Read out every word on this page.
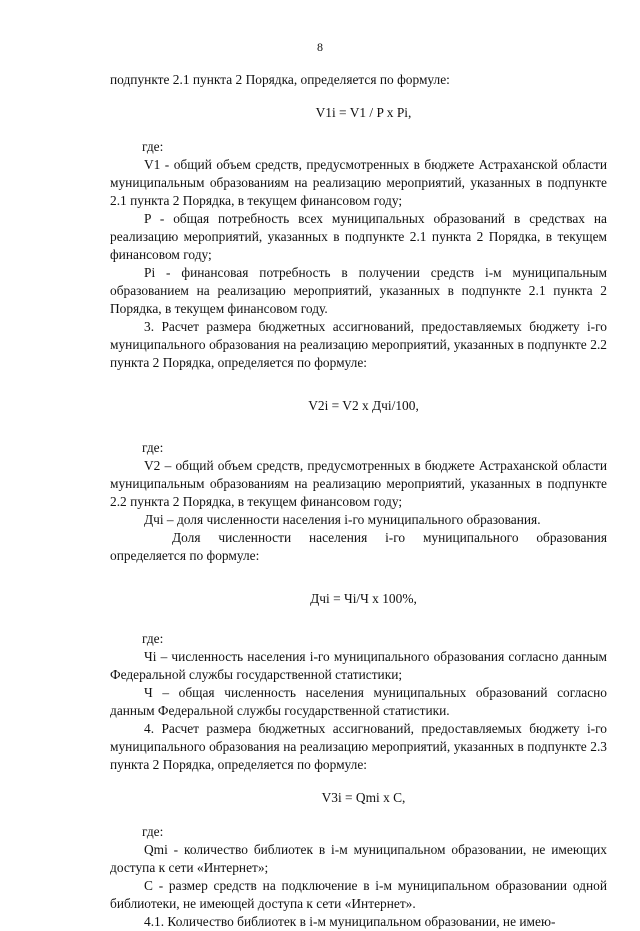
8

подпункте 2.1 пункта 2 Порядка, определяется по формуле:

V1i = V1 / P x Pi,

где:

V1 - общий объем средств, предусмотренных в бюджете Астраханской области муниципальным образованиям на реализацию мероприятий, указанных в подпункте 2.1 пункта 2 Порядка, в текущем финансовом году;

P - общая потребность всех муниципальных образований в средствах на реализацию мероприятий, указанных в подпункте 2.1 пункта 2 Порядка, в текущем финансовом году;

Pi - финансовая потребность в получении средств i-м муниципальным образованием на реализацию мероприятий, указанных в подпункте 2.1 пункта 2 Порядка, в текущем финансовом году.

3. Расчет размера бюджетных ассигнований, предоставляемых бюджету i-го муниципального образования на реализацию мероприятий, указанных в подпункте 2.2 пункта 2 Порядка, определяется по формуле:

V2i = V2 x Дчi/100,

где:

V2 – общий объем средств, предусмотренных в бюджете Астраханской области муниципальным образованиям на реализацию мероприятий, указанных в подпункте 2.2 пункта 2 Порядка, в текущем финансовом году;

Дчi – доля численности населения i-го муниципального образования.

Доля численности населения i-го муниципального образования определяется по формуле:

Дчi = Чi/Ч x 100%,

где:

Чi – численность населения i-го муниципального образования согласно данным Федеральной службы государственной статистики;

Ч – общая численность населения муниципальных образований согласно данным Федеральной службы государственной статистики.

4. Расчет размера бюджетных ассигнований, предоставляемых бюджету i-го муниципального образования на реализацию мероприятий, указанных в подпункте 2.3 пункта 2 Порядка, определяется по формуле:

V3i = Qmi x C,

где:

Qmi - количество библиотек в i-м муниципальном образовании, не имеющих доступа к сети «Интернет»;

C - размер средств на подключение в i-м муниципальном образовании одной библиотеки, не имеющей доступа к сети «Интернет».

4.1. Количество библиотек в i-м муниципальном образовании, не имею-
